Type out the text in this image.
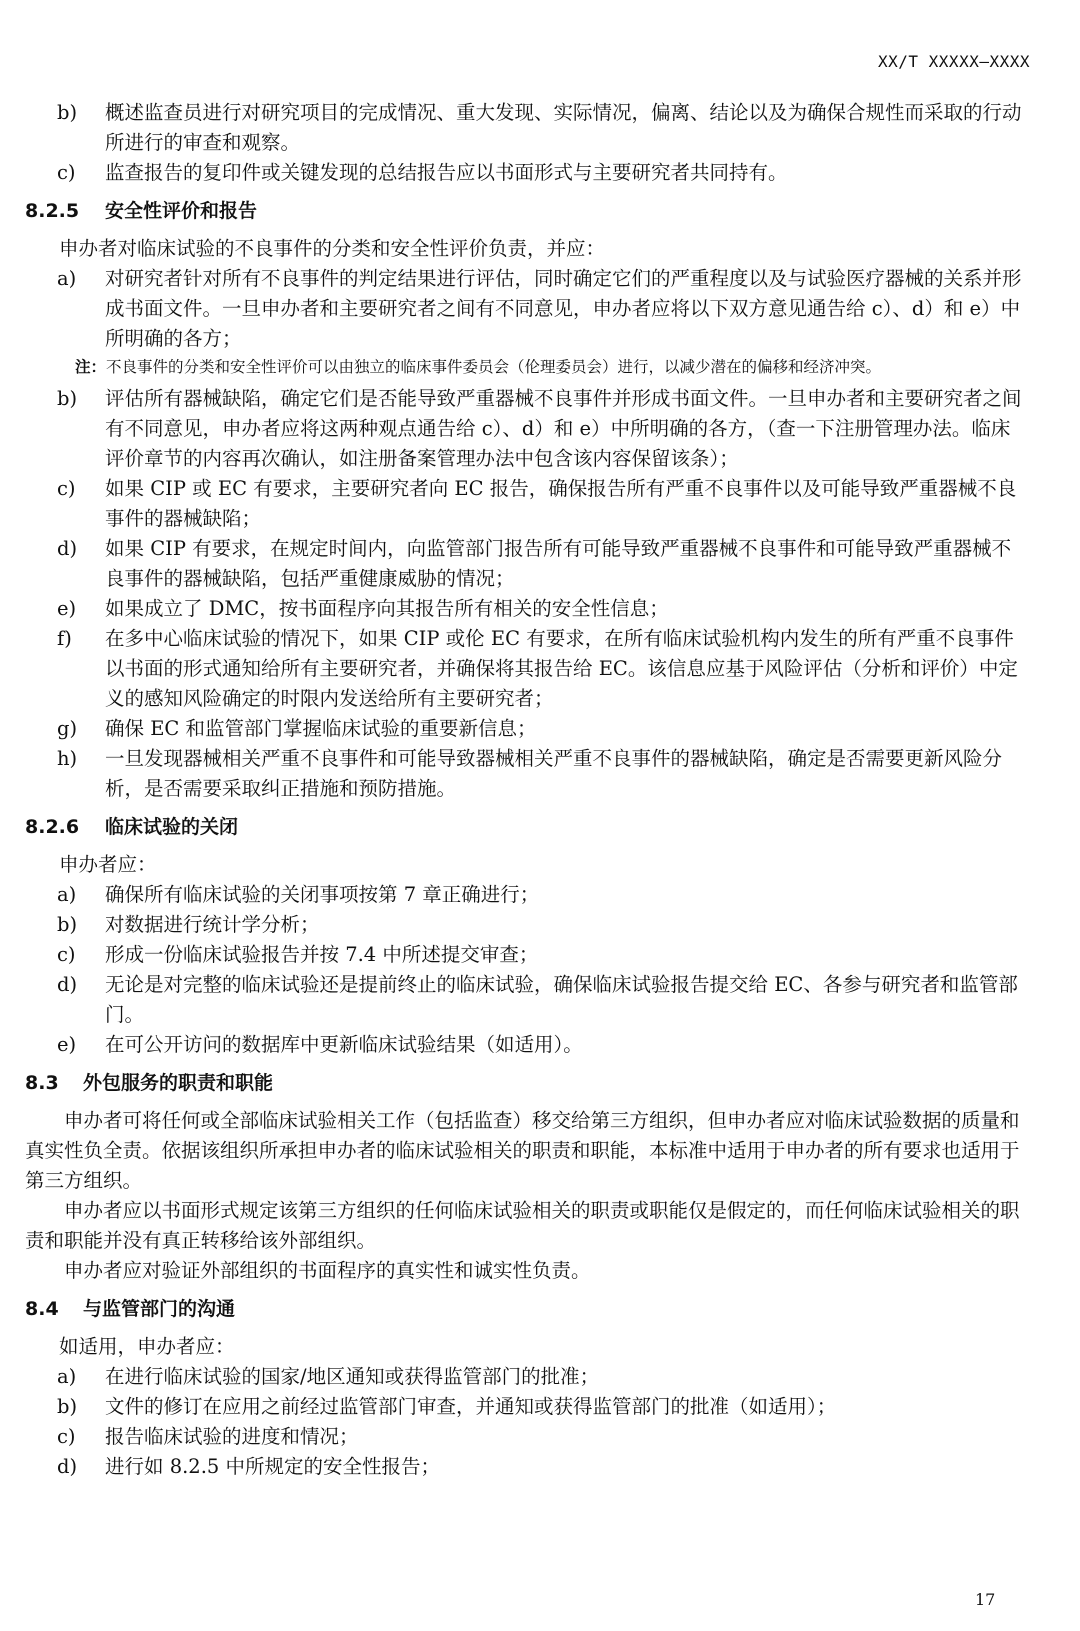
XX/T XXXXX—XXXX
b)	概述监查员进行对研究项目的完成情况、重大发现、实际情况，偏离、结论以及为确保合规性而采取的行动所进行的审查和观察。
c)	监查报告的复印件或关键发现的总结报告应以书面形式与主要研究者共同持有。
8.2.5 安全性评价和报告
申办者对临床试验的不良事件的分类和安全性评价负责，并应：
a)	对研究者针对所有不良事件的判定结果进行评估，同时确定它们的严重程度以及与试验医疗器械的关系并形成书面文件。一旦申办者和主要研究者之间有不同意见，申办者应将以下双方意见通告给 c）、d）和 e）中所明确的各方；
注： 不良事件的分类和安全性评价可以由独立的临床事件委员会（伦理委员会）进行，以减少潜在的偏移和经济冲突。
b)	评估所有器械缺陷，确定它们是否能导致严重器械不良事件并形成书面文件。一旦申办者和主要研究者之间有不同意见，申办者应将这两种观点通告给 c）、d）和 e）中所明确的各方，（查一下注册管理办法。临床评价章节的内容再次确认，如注册备案管理办法中包含该内容保留该条）；
c)	如果 CIP 或 EC 有要求，主要研究者向 EC 报告，确保报告所有严重不良事件以及可能导致严重器械不良事件的器械缺陷；
d)	如果 CIP 有要求，在规定时间内，向监管部门报告所有可能导致严重器械不良事件和可能导致严重器械不良事件的器械缺陷，包括严重健康威胁的情况；
e)	如果成立了 DMC，按书面程序向其报告所有相关的安全性信息；
f)	在多中心临床试验的情况下，如果 CIP 或伦 EC 有要求，在所有临床试验机构内发生的所有严重不良事件以书面的形式通知给所有主要研究者，并确保将其报告给 EC。该信息应基于风险评估（分析和评价）中定义的感知风险确定的时限内发送给所有主要研究者；
g)	确保 EC 和监管部门掌握临床试验的重要新信息；
h)	一旦发现器械相关严重不良事件和可能导致器械相关严重不良事件的器械缺陷，确定是否需要更新风险分析，是否需要采取纠正措施和预防措施。
8.2.6 临床试验的关闭
申办者应：
a)	确保所有临床试验的关闭事项按第 7 章正确进行；
b)	对数据进行统计学分析；
c)	形成一份临床试验报告并按 7.4 中所述提交审查；
d)	无论是对完整的临床试验还是提前终止的临床试验，确保临床试验报告提交给 EC、各参与研究者和监管部门。
e)	在可公开访问的数据库中更新临床试验结果（如适用）。
8.3 外包服务的职责和职能
申办者可将任何或全部临床试验相关工作（包括监查）移交给第三方组织，但申办者应对临床试验数据的质量和真实性负全责。依据该组织所承担申办者的临床试验相关的职责和职能，本标准中适用于申办者的所有要求也适用于第三方组织。
申办者应以书面形式规定该第三方组织的任何临床试验相关的职责或职能仅是假定的，而任何临床试验相关的职责和职能并没有真正转移给该外部组织。
申办者应对验证外部组织的书面程序的真实性和诚实性负责。
8.4 与监管部门的沟通
如适用，申办者应：
a)	在进行临床试验的国家/地区通知或获得监管部门的批准；
b)	文件的修订在应用之前经过监管部门审查，并通知或获得监管部门的批准（如适用）；
c)	报告临床试验的进度和情况；
d)	进行如 8.2.5 中所规定的安全性报告；
17
